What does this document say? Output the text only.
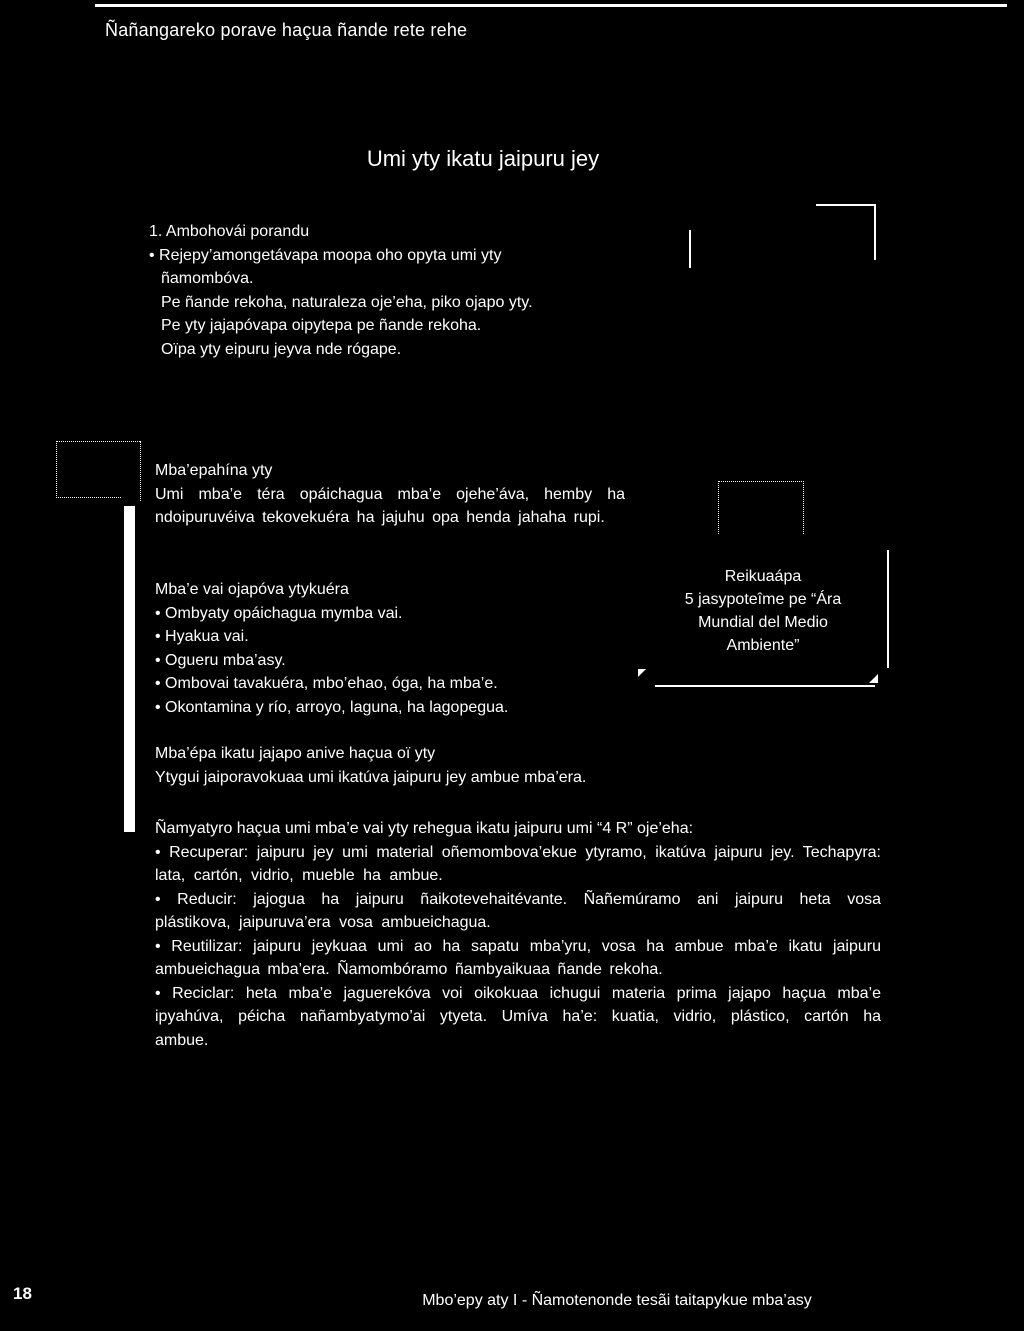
Ñañangareko porave haçua ñande rete rehe
Umi yty ikatu jaipuru jey
1. Ambohovái porandu
• Rejepy’amongetávapa moopa oho opyta umi yty
ñamombóva.
Pe ñande rekoha, naturaleza oje’eha, piko ojapo yty.
Pe yty jajapóvapa oipytepa pe ñande rekoha.
Oïpa yty eipuru jeyva nde rógape.
Mba’epahína yty
Umi mba’e téra opáichagua mba’e ojehe’áva, hemby ha ndoipuruvéiva tekovekuéra ha jajuhu opa henda jahaha rupi.
Mba’e vai ojapóva ytykuéra
• Ombyaty opáichagua mymba vai.
• Hyakua vai.
• Ogueru mba’asy.
• Ombovai tavakuéra, mbo’ehao, óga, ha mba’e.
• Okontamina y río, arroyo, laguna, ha lagopegua.
Reikuaápa
5 jasypoteîme pe “Ára
Mundial del Medio
Ambiente”
Mba’épa ikatu jajapo anive haçua oï yty
Ytygui jaiporavokuaa umi ikatúva jaipuru jey ambue mba’era.
Ñamyatyro haçua umi mba’e vai yty rehegua ikatu jaipuru umi “4 R” oje’eha:
• Recuperar: jaipuru jey umi material oñemombova’ekue ytyramo, ikatúva jaipuru jey. Techapyra: lata, cartón, vidrio, mueble ha ambue.
• Reducir: jajogua ha jaipuru ñaikotevehaitévante. Ñañemúramo ani jaipuru heta vosa plástikova, jaipuruva’era vosa ambueichagua.
• Reutilizar: jaipuru jeykuaa umi ao ha sapatu mba’yru, vosa ha ambue mba’e ikatu jaipuru ambueichagua mba’era. Ñamombóramo ñambyaikuaa ñande rekoha.
• Reciclar: heta mba’e jaguerekóva voi oikokuaa ichugui materia prima jajapo haçua mba’e ipyahúva, péicha nañambyatymo’ai ytyeta. Umíva ha’e: kuatia, vidrio, plástico, cartón ha ambue.
18	Mbo’epy aty I - Ñamotenonde tesãi taitapykue mba’asy
